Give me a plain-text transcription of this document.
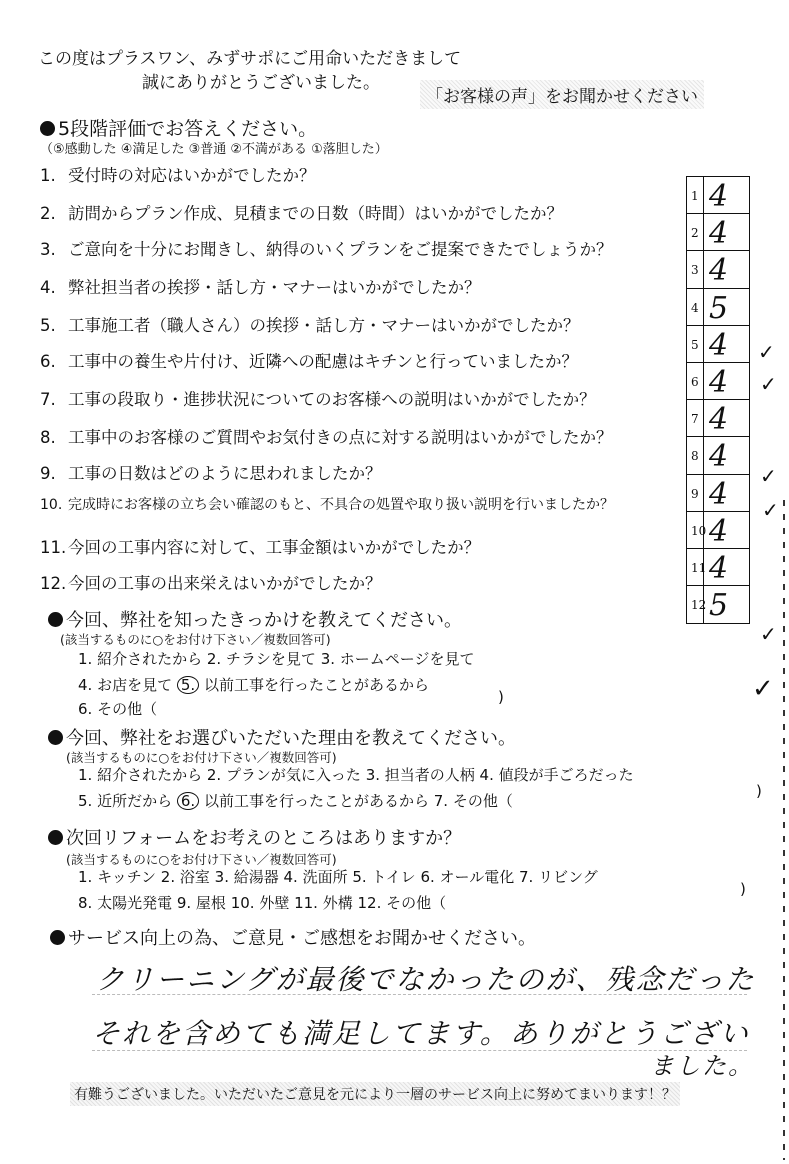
この度はプラスワン、みずサポにご用命いただきまして
誠にありがとうございました。
「お客様の声」をお聞かせください
5段階評価でお答えください。
（⑤感動した ④満足した ③普通 ②不満がある ①落胆した）
1. 受付時の対応はいかがでしたか？
2. 訪問からプラン作成、見積までの日数（時間）はいかがでしたか？
3. ご意向を十分にお聞きし、納得のいくプランをご提案できたでしょうか？
4. 弊社担当者の挨拶・話し方・マナーはいかがでしたか？
5. 工事施工者（職人さん）の挨拶・話し方・マナーはいかがでしたか？
6. 工事中の養生や片付け、近隣への配慮はキチンと行っていましたか？
7. 工事の段取り・進捗状況についてのお客様への説明はいかがでしたか？
8. 工事中のお客様のご質問やお気付きの点に対する説明はいかがでしたか？
9. 工事の日数はどのように思われましたか？
10. 完成時にお客様の立ち会い確認のもと、不具合の処置や取り扱い説明を行いましたか？
11. 今回の工事内容に対して、工事金額はいかがでしたか？
12. 今回の工事の出来栄えはいかがでしたか？
1 4
2 4
3 4
4 5
5 4
6 4
7 4
8 4
9 4
10 4
11 4
12 5
✓
✓
✓
✓
✓
✓
今回、弊社を知ったきっかけを教えてください。
(該当するものに○をお付け下さい／複数回答可)
1. 紹介されたから 2. チラシを見て 3. ホームページを見て
4. お店を見て 5. 以前工事を行ったことがあるから
6. その他（
)
今回、弊社をお選びいただいた理由を教えてください。
(該当するものに○をお付け下さい／複数回答可)
1. 紹介されたから 2. プランが気に入った 3. 担当者の人柄 4. 値段が手ごろだった
5. 近所だから 6. 以前工事を行ったことがあるから 7. その他（
)
次回リフォームをお考えのところはありますか？
(該当するものに○をお付け下さい／複数回答可)
1. キッチン 2. 浴室 3. 給湯器 4. 洗面所 5. トイレ 6. オール電化 7. リビング
8. 太陽光発電 9. 屋根 10. 外壁 11. 外構 12. その他（
)
サービス向上の為、ご意見・ご感想をお聞かせください。
クリーニングが最後でなかったのが、残念だった
それを含めても満足してます。ありがとうござい
ました。
有難うございました。いただいたご意見を元により一層のサービス向上に努めてまいります！？
